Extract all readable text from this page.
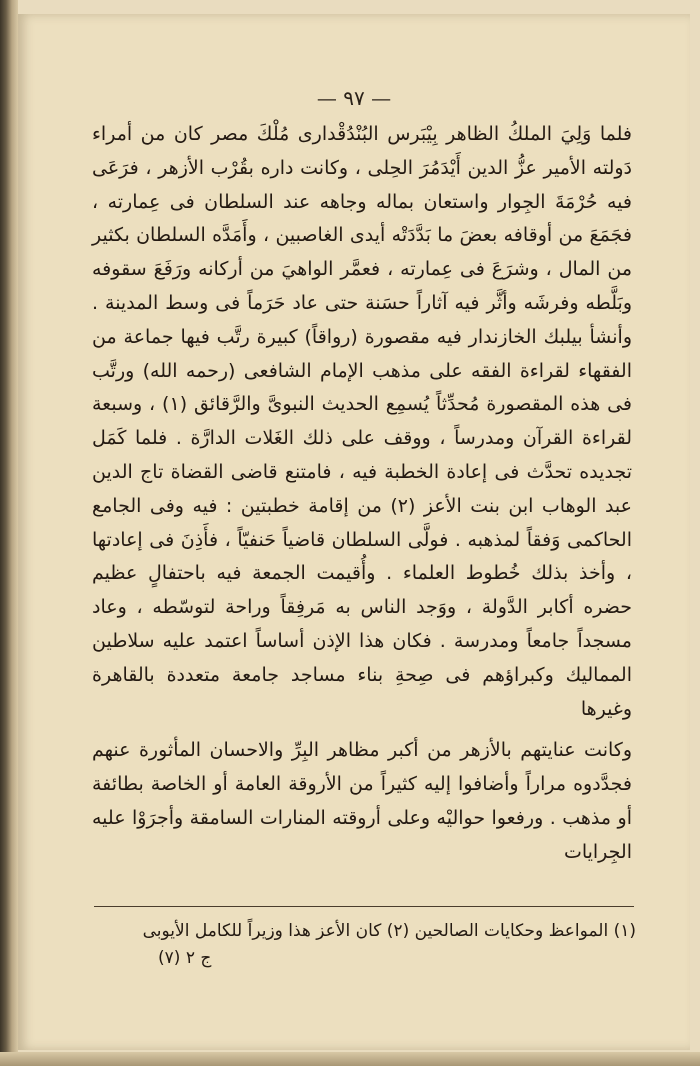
— ٩٧ —

فلما وَلِيَ الملكُ الظاهر بِيْبَرس البُنْدُقْدارى مُلْكَ مصر كان من أمراء دَولته الأمير عزُّ الدين أَيْدَمُرَ الحِلى ، وكانت داره بقُرْب الأزهر ، فرَعَى فيه حُرْمَةَ الجِوار واستعان بماله وجاهه عند السلطان فى عِمارته ، فجَمَعَ من أوقافه بعضَ ما بَدَّدَتْه أيدى الغاصبين ، وأَمَدَّه السلطان بكثير من المال ، وشرَعَ فى عِمارته ، فعمَّر الواهيَ من أركانه ورَفَعَ سقوفه وبَلَّطه وفرشَه وأثَّر فيه آثاراً حسَنة حتى عاد حَرَماً فى وسط المدينة . وأنشأ بيلبك الخازندار فيه مقصورة (رواقاً) كبيرة رتَّب فيها جماعة من الفقهاء لقراءة الفقه على مذهب الإمام الشافعى (رحمه الله) ورتَّب فى هذه المقصورة مُحدِّثاً يُسمِع الحديث النبوىَّ والرَّقائق (١) ، وسبعة لقراءة القرآن ومدرساً ، ووقف على ذلك الغَلات الدارَّة . فلما كَمَل تجديده تحدَّث فى إعادة الخطبة فيه ، فامتنع قاضى القضاة تاج الدين عبد الوهاب ابن بنت الأعز (٢) من إقامة خطبتين : فيه وفى الجامع الحاكمى وَفقاً لمذهبه . فولَّى السلطان قاضياً حَنفيّاً ، فأَذِنَ فى إعادتها ، وأخذ بذلك خُطوط العلماء . وأُقيمت الجمعة فيه باحتفالٍ عظيم حضره أكابر الدَّولة ، ووَجد الناس به مَرفِقاً وراحة لتوسّطه ، وعاد مسجداً جامعاً ومدرسة . فكان هذا الإذن أساساً اعتمد عليه سلاطين المماليك وكبراؤهم فى صِحةِ بناء مساجد جامعة متعددة بالقاهرة وغيرها

وكانت عنايتهم بالأزهر من أكبر مظاهر البِرِّ والاحسان المأثورة عنهم فجدَّدوه مراراً وأضافوا إليه كثيراً من الأروقة العامة أو الخاصة بطائفة أو مذهب . ورفعوا حواليْه وعلى أروقته المنارات السامقة وأجرَوْا عليه الجِرايات

(١) المواعظ وحكايات الصالحين (٢) كان الأعز هذا وزيراً للكامل الأيوبى
ج ٢ (٧)
